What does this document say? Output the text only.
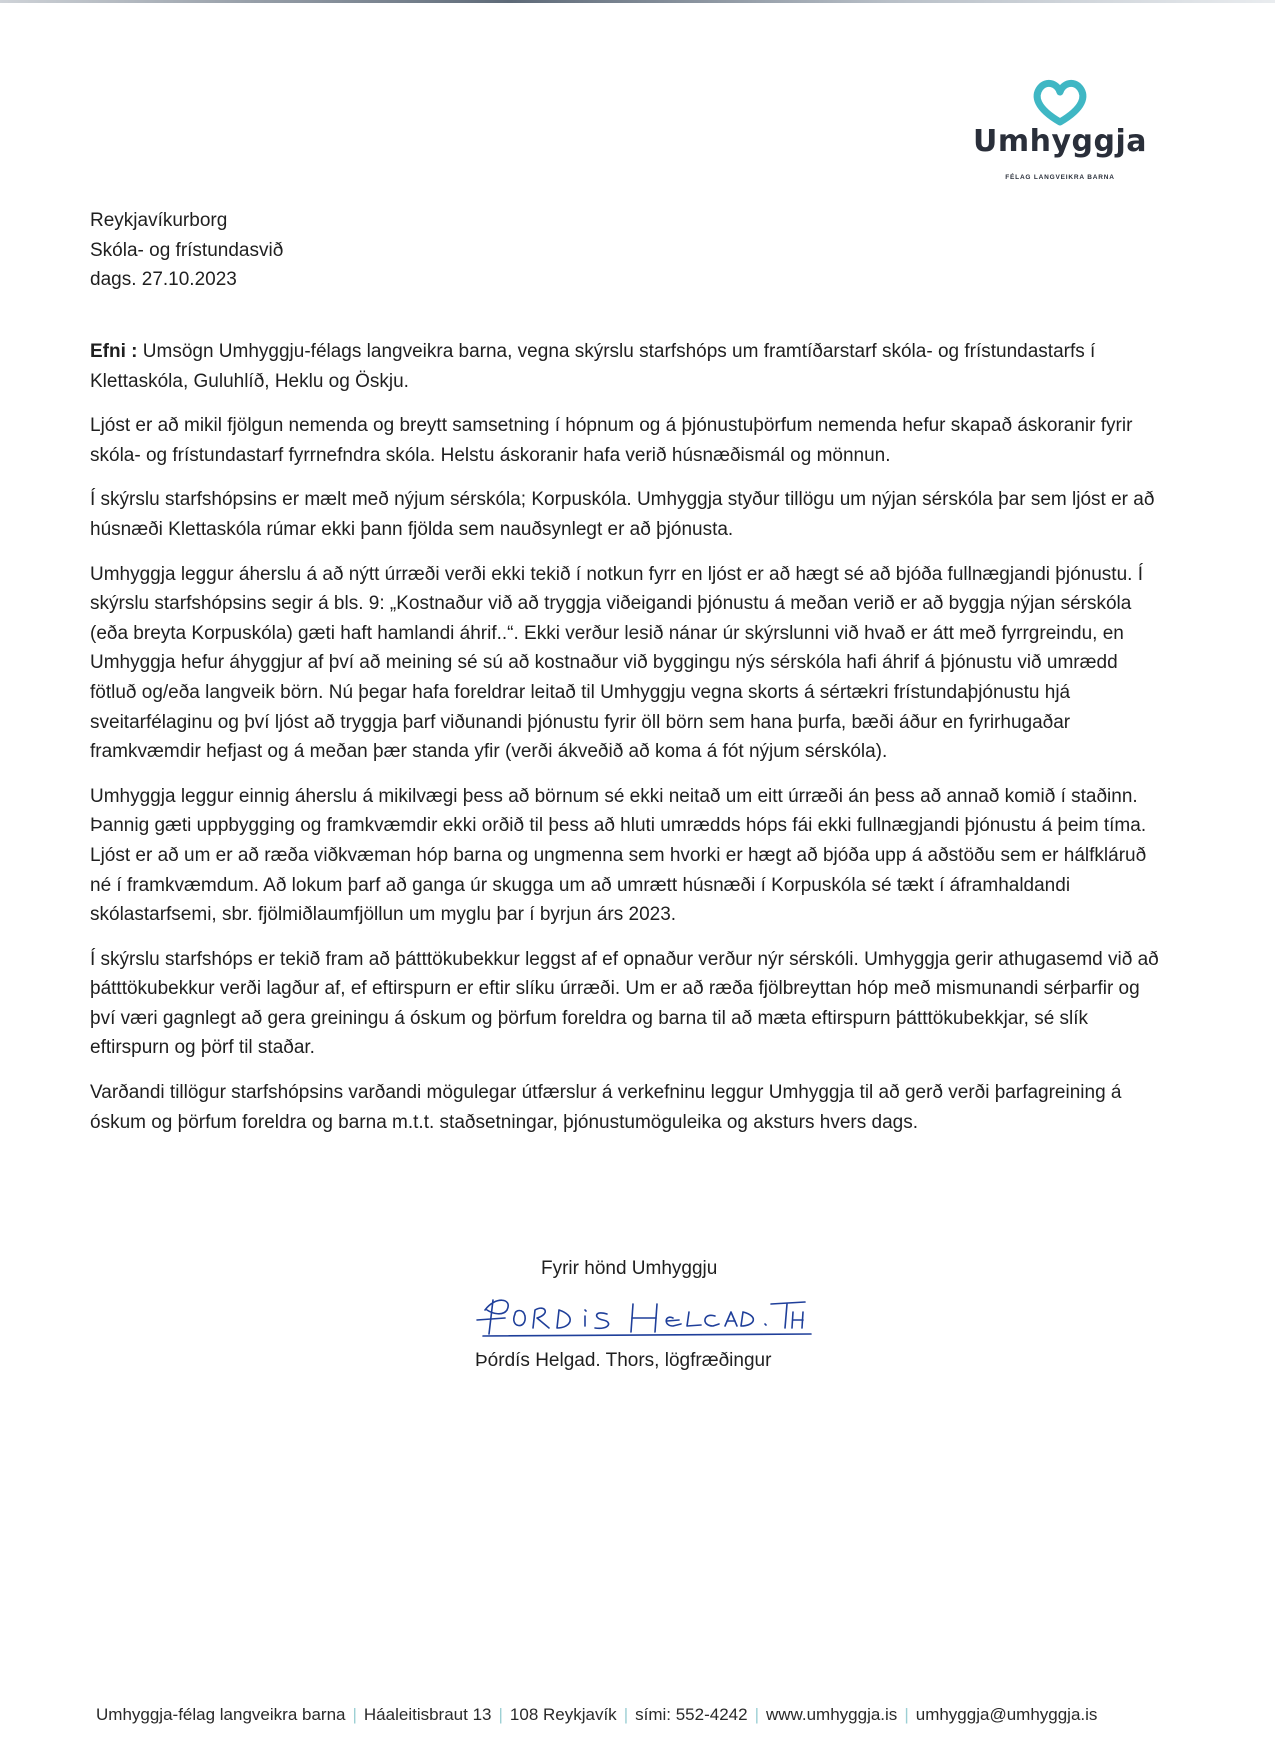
Umhyggja
FÉLAG LANGVEIKRA BARNA
Reykjavíkurborg
Skóla- og frístundasvið
dags. 27.10.2023

Efni : Umsögn Umhyggju-félags langveikra barna, vegna skýrslu starfshóps um framtíðarstarf skóla- og frístundastarfs í Klettaskóla, Guluhlíð, Heklu og Öskju.

Ljóst er að mikil fjölgun nemenda og breytt samsetning í hópnum og á þjónustuþörfum nemenda hefur skapað áskoranir fyrir skóla- og frístundastarf fyrrnefndra skóla. Helstu áskoranir hafa verið húsnæðismál og mönnun.

Í skýrslu starfshópsins er mælt með nýjum sérskóla; Korpuskóla. Umhyggja styður tillögu um nýjan sérskóla þar sem ljóst er að húsnæði Klettaskóla rúmar ekki þann fjölda sem nauðsynlegt er að þjónusta.

Umhyggja leggur áherslu á að nýtt úrræði verði ekki tekið í notkun fyrr en ljóst er að hægt sé að bjóða fullnægjandi þjónustu. Í skýrslu starfshópsins segir á bls. 9: „Kostnaður við að tryggja viðeigandi þjónustu á meðan verið er að byggja nýjan sérskóla (eða breyta Korpuskóla) gæti haft hamlandi áhrif..“. Ekki verður lesið nánar úr skýrslunni við hvað er átt með fyrrgreindu, en Umhyggja hefur áhyggjur af því að meining sé sú að kostnaður við byggingu nýs sérskóla hafi áhrif á þjónustu við umrædd fötluð og/eða langveik börn. Nú þegar hafa foreldrar leitað til Umhyggju vegna skorts á sértækri frístundaþjónustu hjá sveitarfélaginu og því ljóst að tryggja þarf viðunandi þjónustu fyrir öll börn sem hana þurfa, bæði áður en fyrirhugaðar framkvæmdir hefjast og á meðan þær standa yfir (verði ákveðið að koma á fót nýjum sérskóla).

Umhyggja leggur einnig áherslu á mikilvægi þess að börnum sé ekki neitað um eitt úrræði án þess að annað komið í staðinn. Þannig gæti uppbygging og framkvæmdir ekki orðið til þess að hluti umrædds hóps fái ekki fullnægjandi þjónustu á þeim tíma. Ljóst er að um er að ræða viðkvæman hóp barna og ungmenna sem hvorki er hægt að bjóða upp á aðstöðu sem er hálfkláruð né í framkvæmdum. Að lokum þarf að ganga úr skugga um að umrætt húsnæði í Korpuskóla sé tækt í áframhaldandi skólastarfsemi, sbr. fjölmiðlaumfjöllun um myglu þar í byrjun árs 2023.

Í skýrslu starfshóps er tekið fram að þátttökubekkur leggst af ef opnaður verður nýr sérskóli. Umhyggja gerir athugasemd við að þátttökubekkur verði lagður af, ef eftirspurn er eftir slíku úrræði. Um er að ræða fjölbreyttan hóp með mismunandi sérþarfir og því væri gagnlegt að gera greiningu á óskum og þörfum foreldra og barna til að mæta eftirspurn þátttökubekkjar, sé slík eftirspurn og þörf til staðar.

Varðandi tillögur starfshópsins varðandi mögulegar útfærslur á verkefninu leggur Umhyggja til að gerð verði þarfagreining á óskum og þörfum foreldra og barna m.t.t. staðsetningar, þjónustumöguleika og aksturs hvers dags.

Fyrir hönd Umhyggju
Þórdís Helgad. Thors, lögfræðingur
Umhyggja-félag langveikra barna | Háaleitisbraut 13 | 108 Reykjavík | sími: 552-4242 | www.umhyggja.is | umhyggja@umhyggja.is
